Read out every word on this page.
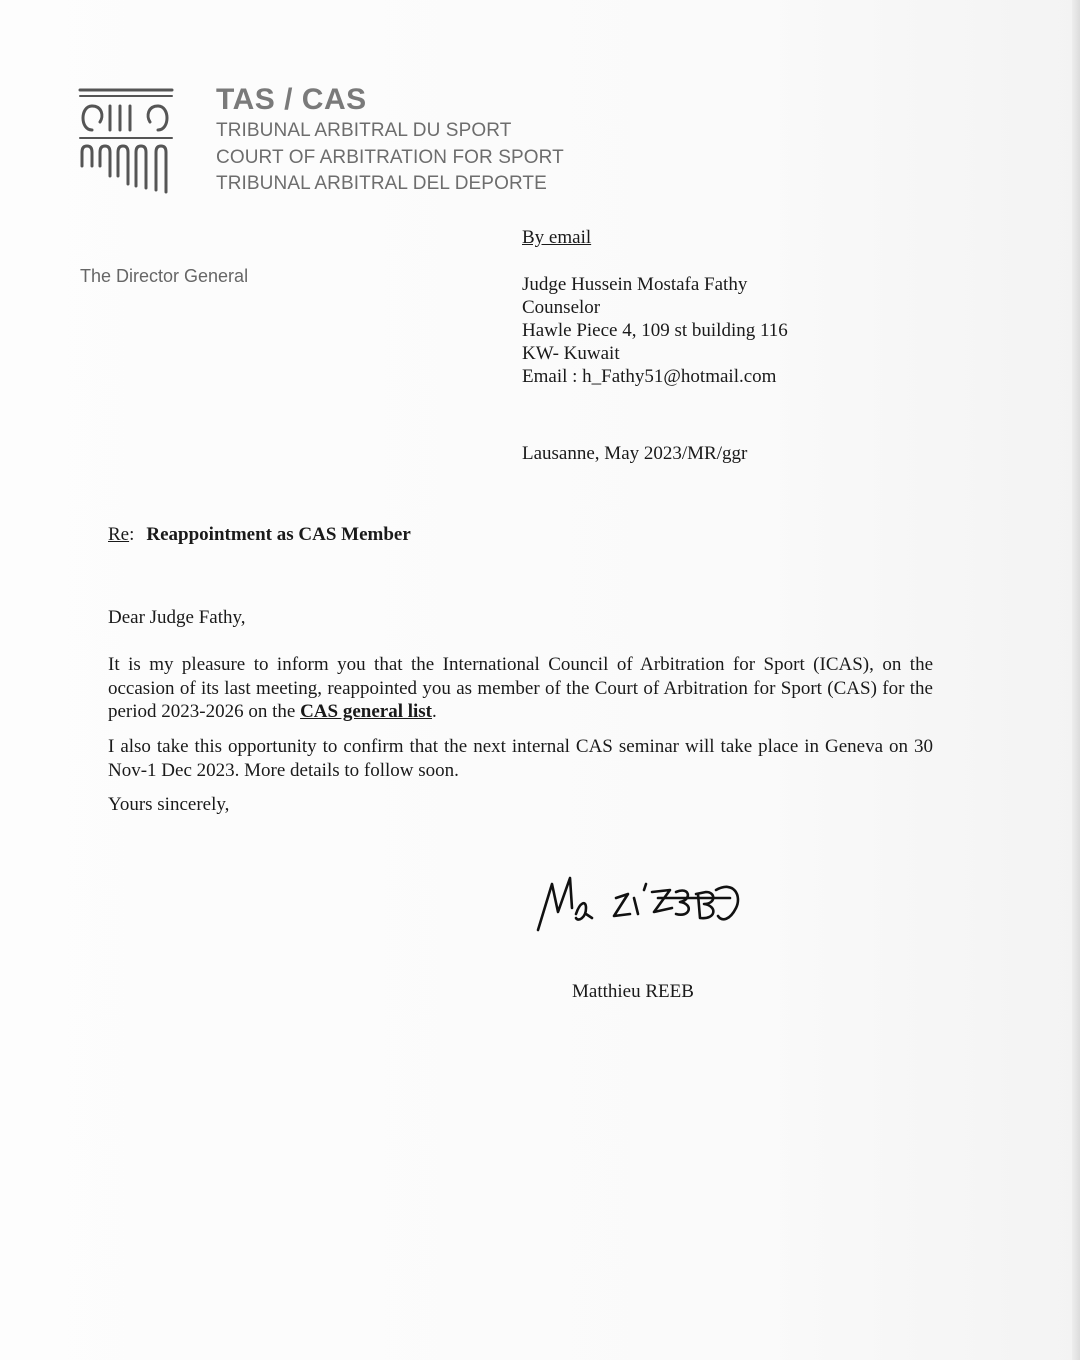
TAS / CAS
TRIBUNAL ARBITRAL DU SPORT
COURT OF ARBITRATION FOR SPORT
TRIBUNAL ARBITRAL DEL DEPORTE
The Director General
By email
Judge Hussein Mostafa Fathy
Counselor
Hawle Piece 4, 109 st building 116
KW- Kuwait
Email : h_Fathy51@hotmail.com
Lausanne, May 2023/MR/ggr
Re: Reappointment as CAS Member
Dear Judge Fathy,
It is my pleasure to inform you that the International Council of Arbitration for Sport (ICAS), on the occasion of its last meeting, reappointed you as member of the Court of Arbitration for Sport (CAS) for the period 2023-2026 on the CAS general list.
I also take this opportunity to confirm that the next internal CAS seminar will take place in Geneva on 30 Nov-1 Dec 2023. More details to follow soon.
Yours sincerely,
Matthieu REEB
